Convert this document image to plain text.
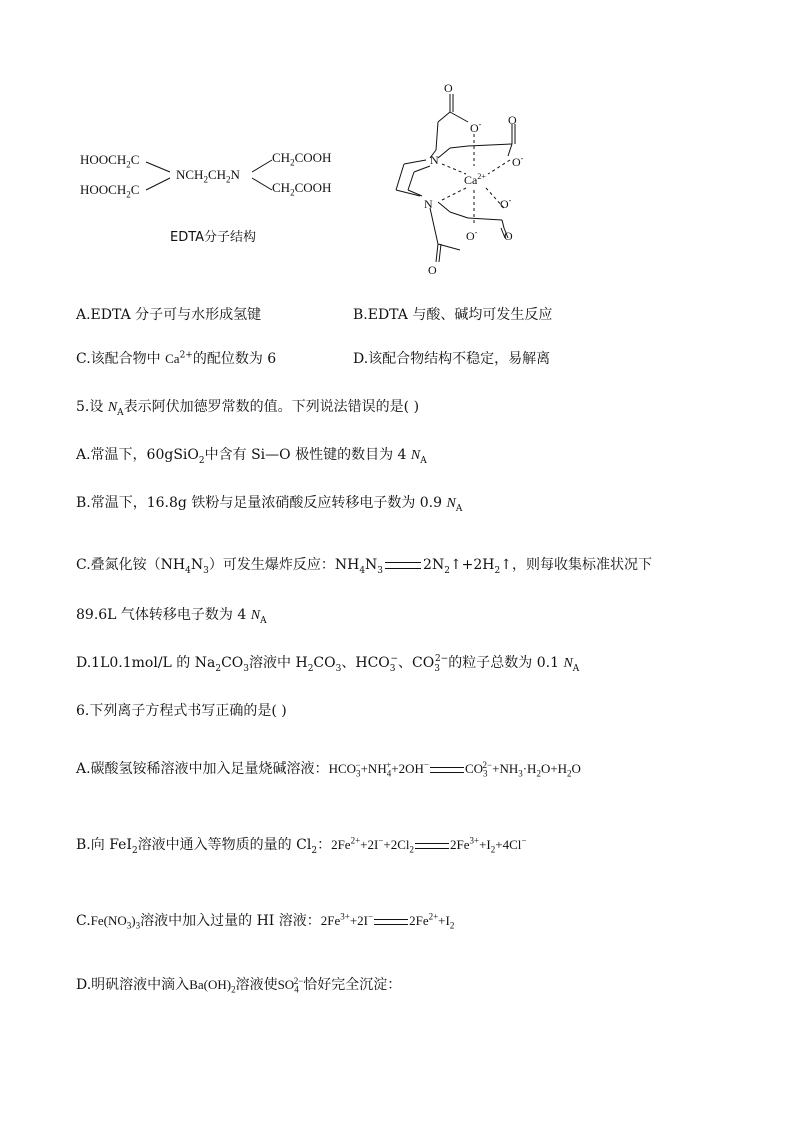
$HOOCH_2C$
$HOOCH_2C$
$NCH_2CH_2N$
$CH_2COOH$
$CH_2COOH$
EDTA分子结构
O
O- O
O-
N
$Ca^{2+}$
N	O-
O- O
O
A.EDTA 分子可与水形成氢键	B.EDTA 与酸、碱均可发生反应
C.该配合物中 $Ca^{2+}$的配位数为 6	D.该配合物结构不稳定，易解离
5.设 $N_A$表示阿伏加德罗常数的值。下列说法错误的是( )
A.常温下，60gSiO$_2$中含有 Si—O 极性键的数目为 4 $N_A$
B.常温下，16.8g 铁粉与足量浓硝酸反应转移电子数为 0.9 $N_A$
C.叠氮化铵$(NH_4N_3)$可发生爆炸反应：$NH_4N_3$	$2N_2↑+2H_2↑$，则每收集标准状况下
89.6L 气体转移电子数为 4 $N_A$
D.1L0.1mol/L 的 $Na_2CO_3$溶液中 $H_2CO_3$、$HCO_3^-$、$CO_3^{2-}$的粒子总数为 0.1 $N_A$
6.下列离子方程式书写正确的是( )
A.碳酸氢铵稀溶液中加入足量烧碱溶液：$HCO_3^-+NH_4^++2OH^-$	$CO_3^{2-}+NH_3\cdot H_2O+H_2O$
B.向 FeI$_2$溶液中通入等物质的量的 $Cl_2$：$2Fe^{2+}+2I^-+2Cl_2$	$2Fe^{3+}+I_2+4Cl^-$
$C.Fe(NO_3)_3$溶液中加入过量的 HI 溶液：$2Fe^{3+}+2I^-$	$2Fe^{2+}+I_2$
D.明矾溶液中滴入$Ba(OH)_2$溶液使$SO_4^{2-}$恰好完全沉淀：
